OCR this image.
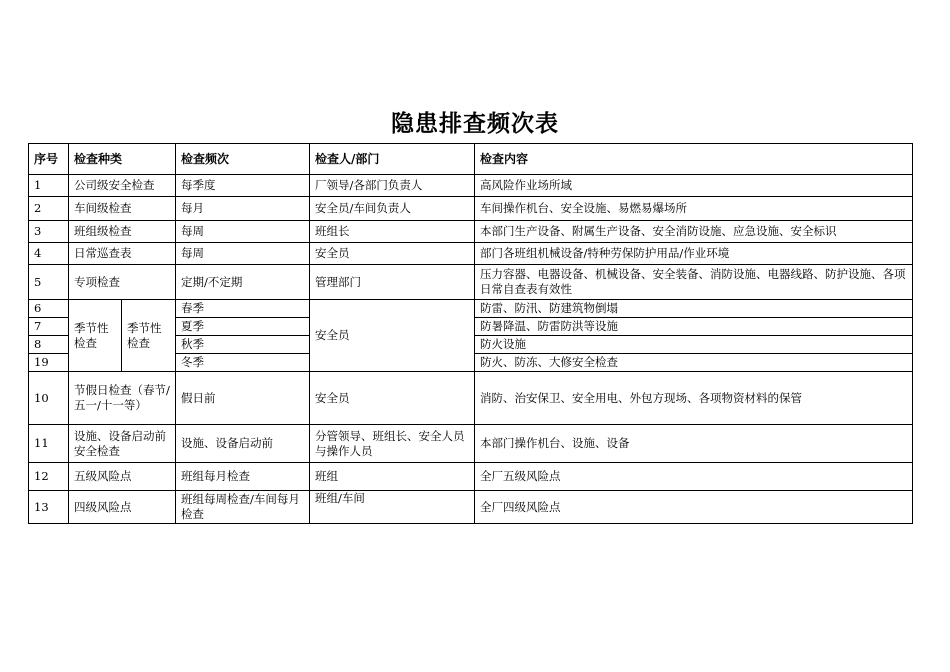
隐患排查频次表
序号	检查种类		检查频次	检查人/部门	检查内容
1	公司级安全检查		每季度	厂领导/各部门负责人	高风险作业场所域
2	车间级检查		每月	安全员/车间负责人	车间操作机台、安全设施、易燃易爆场所
3	班组级检查		每周	班组长	本部门生产设备、附属生产设备、安全消防设施、应急设施、安全标识
4	日常巡查表		每周	安全员	部门各班组机械设备/特种劳保防护用品/作业环境
5	专项检查		定期/不定期	管理部门	压力容器、电器设备、机械设备、安全装备、消防设施、电器线路、防护设施、各项日常自查表有效性
6	季节性检查	季节性检查	春季	安全员	防雷、防汛、防建筑物倒塌
7			夏季		防暑降温、防雷防洪等设施
8			秋季		防火设施
19			冬季		防火、防冻、大修安全检查
10	节假日检查（春节/五一/十一等）		假日前	安全员	消防、治安保卫、安全用电、外包方现场、各项物资材料的保管
11	设施、设备启动前安全检查		设施、设备启动前	分管领导、班组长、安全人员与操作人员	本部门操作机台、设施、设备
12	五级风险点		班组每月检查	班组	全厂五级风险点
13	四级风险点		班组每周检查/车间每月检查	班组/车间	全厂四级风险点
